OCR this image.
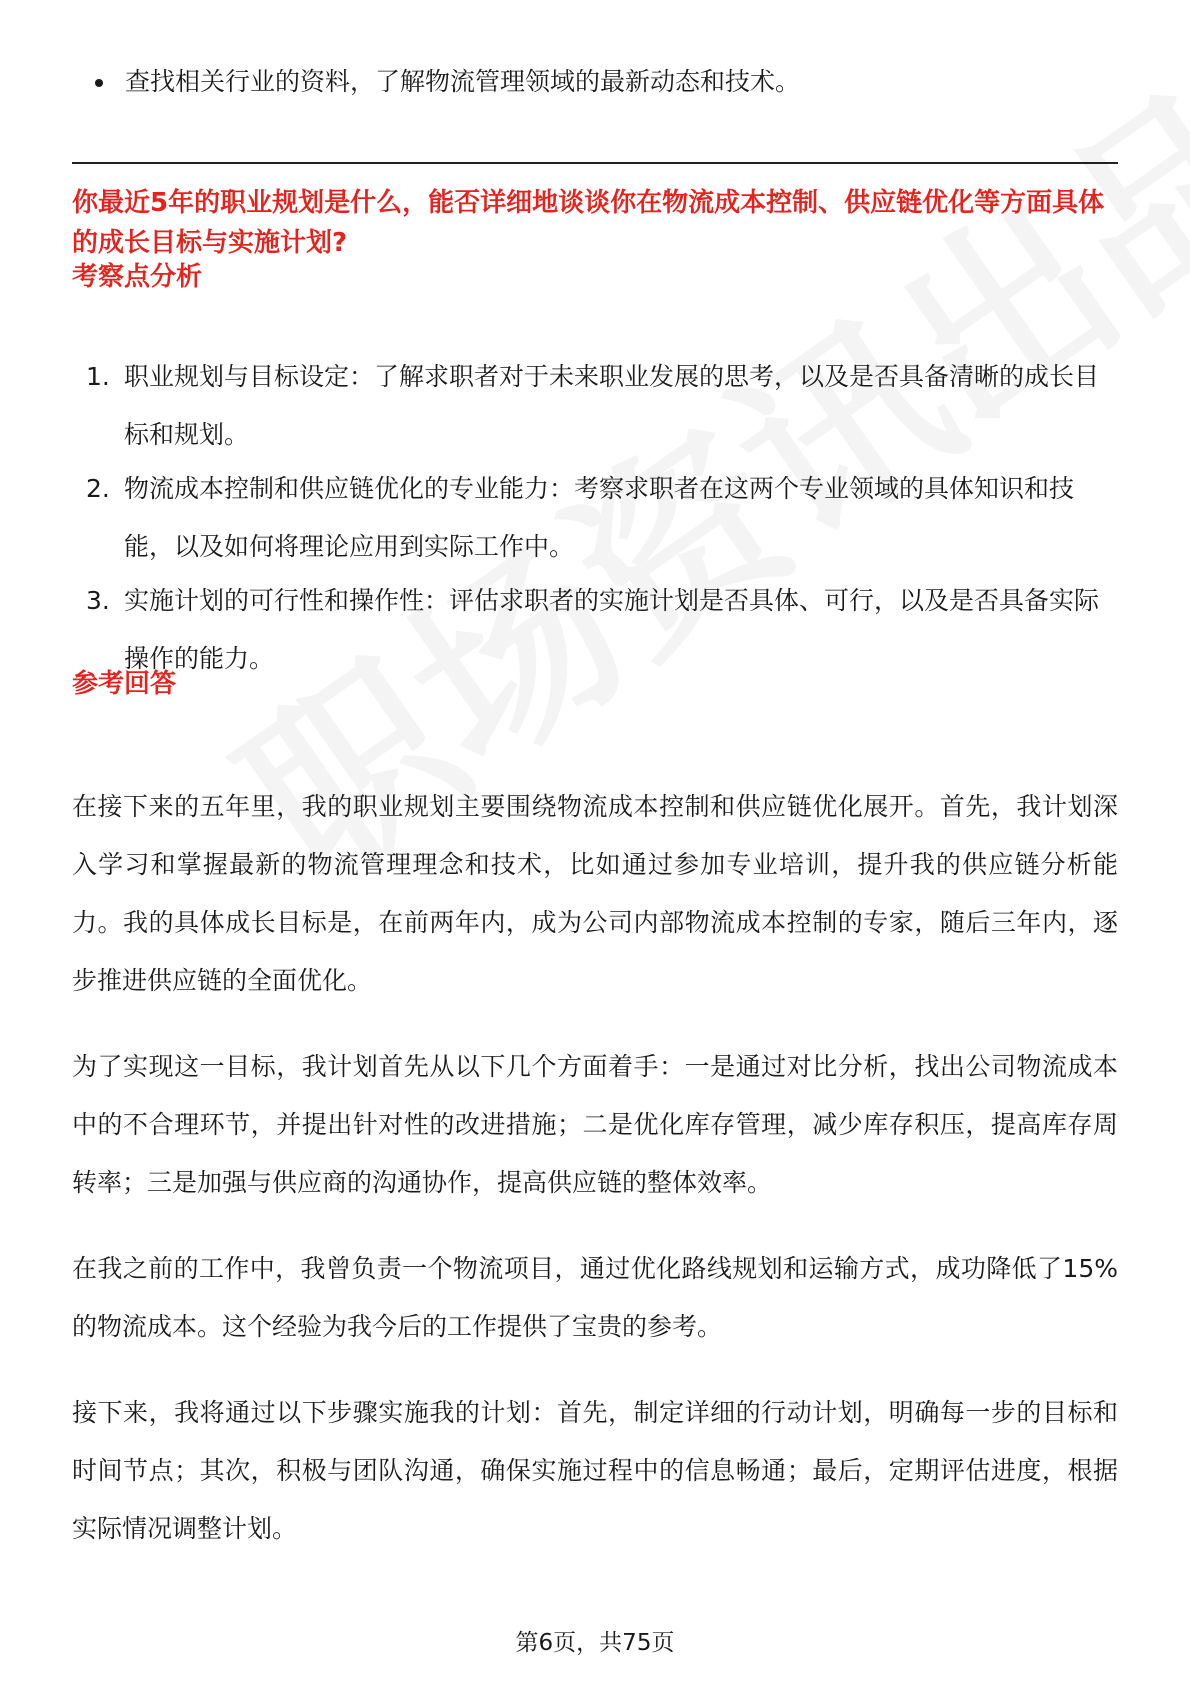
查找相关行业的资料，了解物流管理领域的最新动态和技术。
你最近5年的职业规划是什么，能否详细地谈谈你在物流成本控制、供应链优化等方面具体的成长目标与实施计划?
考察点分析
1. 职业规划与目标设定：了解求职者对于未来职业发展的思考，以及是否具备清晰的成长目标和规划。
2. 物流成本控制和供应链优化的专业能力：考察求职者在这两个专业领域的具体知识和技能，以及如何将理论应用到实际工作中。
3. 实施计划的可行性和操作性：评估求职者的实施计划是否具体、可行，以及是否具备实际操作的能力。
参考回答

在接下来的五年里，我的职业规划主要围绕物流成本控制和供应链优化展开。首先，我计划深入学习和掌握最新的物流管理理念和技术，比如通过参加专业培训，提升我的供应链分析能力。我的具体成长目标是，在前两年内，成为公司内部物流成本控制的专家，随后三年内，逐步推进供应链的全面优化。

为了实现这一目标，我计划首先从以下几个方面着手：一是通过对比分析，找出公司物流成本中的不合理环节，并提出针对性的改进措施；二是优化库存管理，减少库存积压，提高库存周转率；三是加强与供应商的沟通协作，提高供应链的整体效率。

在我之前的工作中，我曾负责一个物流项目，通过优化路线规划和运输方式，成功降低了15%的物流成本。这个经验为我今后的工作提供了宝贵的参考。

接下来，我将通过以下步骤实施我的计划：首先，制定详细的行动计划，明确每一步的目标和时间节点；其次，积极与团队沟通，确保实施过程中的信息畅通；最后，定期评估进度，根据实际情况调整计划。

第6页，共75页
